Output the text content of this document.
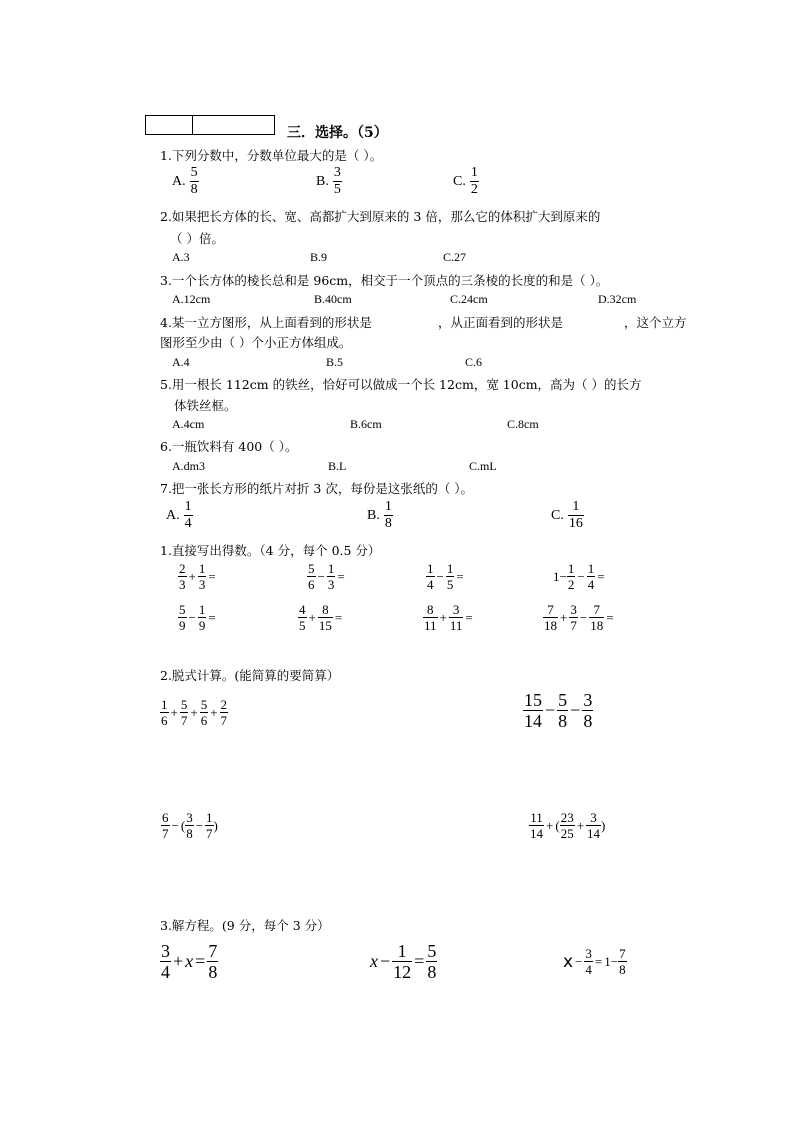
三．选择。（5）
1.下列分数中，分数单位最大的是（ ）。
A. $\frac{5}{8}$	B. $\frac{3}{5}$	C. $\frac{1}{2}$
2.如果把长方体的长、宽、高都扩大到原来的 3 倍，那么它的体积扩大到原来的
（ ）倍。
A.3	B.9	C.27
3.一个长方体的棱长总和是 96cm，相交于一个顶点的三条棱的长度的和是（ ）。
A.12cm	B.40cm	C.24cm	D.32cm
4.某一立方图形，从上面看到的形状是	，从正面看到的形状是	，这个立方
图形至少由（ ）个小正方体组成。
A.4	B.5	C.6
5.用一根长 112cm 的铁丝，恰好可以做成一个长 12cm，宽 10cm，高为（ ）的长方
体铁丝框。
A.4cm	B.6cm	C.8cm
6.一瓶饮料有 400（ ）。
A.dm3	B.L	C.mL
7.把一张长方形的纸片对折 3 次，每份是这张纸的（ ）。
A. $\frac{1}{4}$	B. $\frac{1}{8}$	C. $\frac{1}{16}$
1.直接写出得数。（4 分，每个 0.5 分）
$\frac{2}{3} + \frac{1}{3}$ =	$\frac{5}{6} - \frac{1}{3}$ =	$\frac{1}{4} - \frac{1}{5}$ =	$1- \frac{1}{2} - \frac{1}{4}$ =
$\frac{5}{9} - \frac{1}{9}$ =	$\frac{4}{5} + \frac{8}{15}$ =	$\frac{8}{11} + \frac{3}{11}$ =	$\frac{7}{18} + \frac{3}{7} - \frac{7}{18}$ =
2.脱式计算。(能简算的要简算）
$\frac{1}{6} + \frac{5}{7} + \frac{5}{6} + \frac{2}{7}$	$\frac{15}{14} - \frac{5}{8} - \frac{3}{8}$
$\frac{6}{7}$ − ( $\frac{3}{8} - \frac{1}{7}$ )	$\frac{11}{14}$ + ( $\frac{23}{25} + \frac{3}{14}$ )
3.解方程。(9 分，每个 3 分）
$\frac{3}{4} + x = \frac{7}{8}$	$x - \frac{1}{12} = \frac{5}{8}$	$x - \frac{3}{4} = 1- \frac{7}{8}$
